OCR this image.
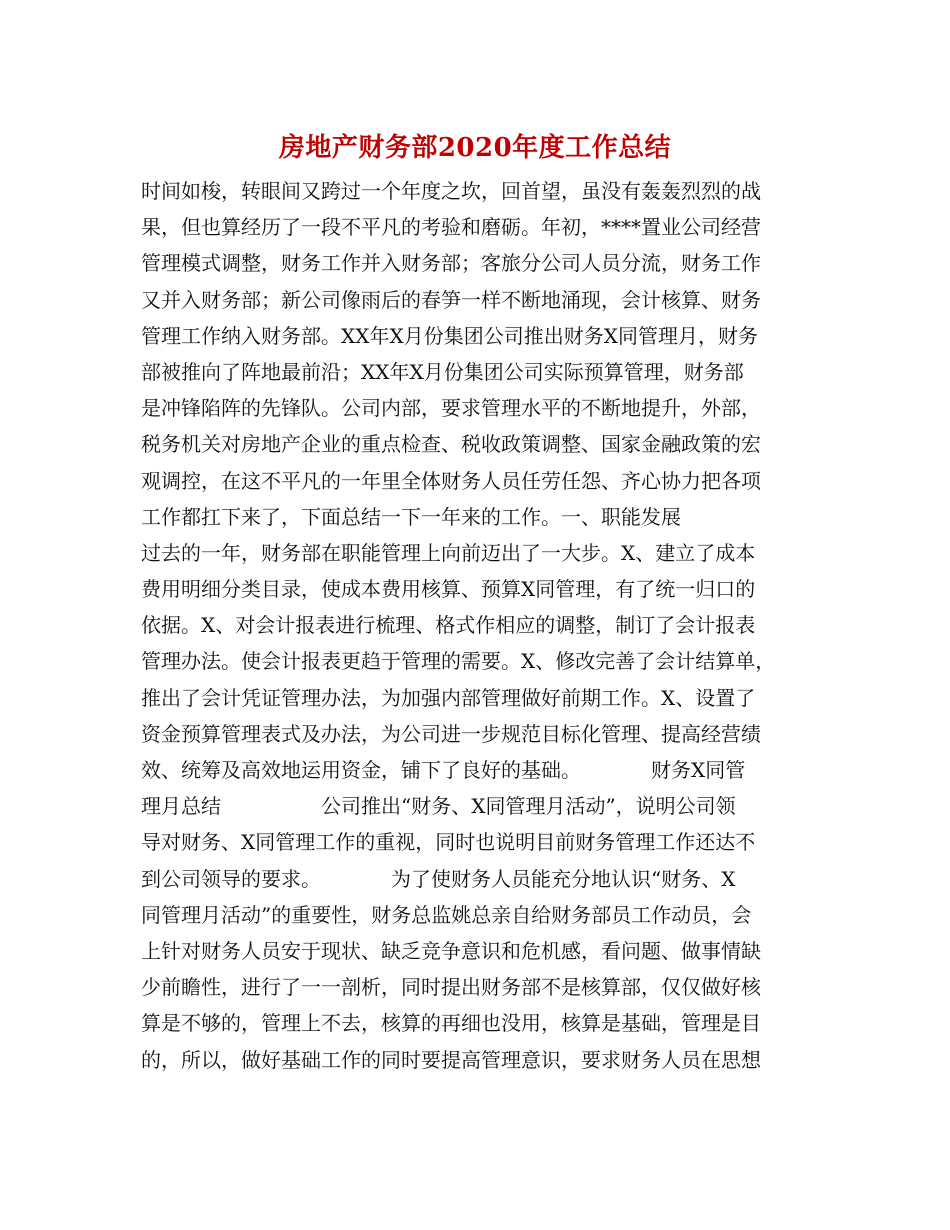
房地产财务部2020年度工作总结
时间如梭，转眼间又跨过一个年度之坎，回首望，虽没有轰轰烈烈的战
果，但也算经历了一段不平凡的考验和磨砺。年初，****置业公司经营
管理模式调整，财务工作并入财务部；客旅分公司人员分流，财务工作
又并入财务部；新公司像雨后的春笋一样不断地涌现，会计核算、财务
管理工作纳入财务部。XX年X月份集团公司推出财务X同管理月，财务
部被推向了阵地最前沿；XX年X月份集团公司实际预算管理，财务部
是冲锋陷阵的先锋队。公司内部，要求管理水平的不断地提升，外部，
税务机关对房地产企业的重点检查、税收政策调整、国家金融政策的宏
观调控，在这不平凡的一年里全体财务人员任劳任怨、齐心协力把各项
工作都扛下来了，下面总结一下一年来的工作。一、职能发展
过去的一年，财务部在职能管理上向前迈出了一大步。X、建立了成本
费用明细分类目录，使成本费用核算、预算X同管理，有了统一归口的
依据。X、对会计报表进行梳理、格式作相应的调整，制订了会计报表
管理办法。使会计报表更趋于管理的需要。X、修改完善了会计结算单，
推出了会计凭证管理办法，为加强内部管理做好前期工作。X、设置了
资金预算管理表式及办法，为公司进一步规范目标化管理、提高经营绩
效、统筹及高效地运用资金，铺下了良好的基础。　　　　财务X同管
理月总结　　　　　公司推出“财务、X同管理月活动”，说明公司领
导对财务、X同管理工作的重视，同时也说明目前财务管理工作还达不
到公司领导的要求。　　　　为了使财务人员能充分地认识“财务、X
同管理月活动”的重要性，财务总监姚总亲自给财务部员工作动员，会
上针对财务人员安于现状、缺乏竞争意识和危机感，看问题、做事情缺
少前瞻性，进行了一一剖析，同时提出财务部不是核算部，仅仅做好核
算是不够的，管理上不去，核算的再细也没用，核算是基础，管理是目
的，所以，做好基础工作的同时要提高管理意识，要求财务人员在思想
